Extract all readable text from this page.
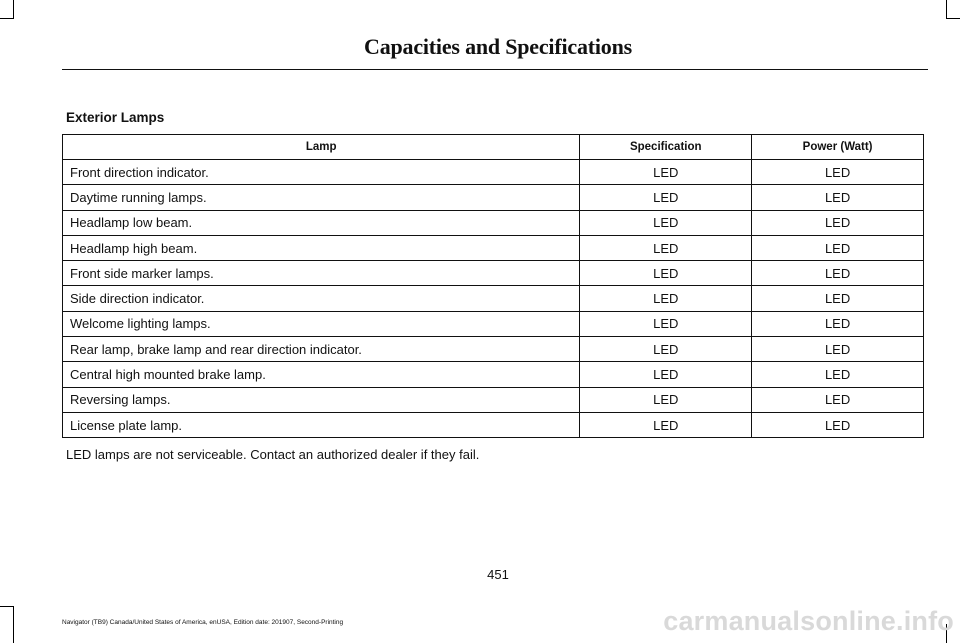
Capacities and Specifications
Exterior Lamps
Lamp	Specification	Power (Watt)
Front direction indicator.	LED	LED
Daytime running lamps.	LED	LED
Headlamp low beam.	LED	LED
Headlamp high beam.	LED	LED
Front side marker lamps.	LED	LED
Side direction indicator.	LED	LED
Welcome lighting lamps.	LED	LED
Rear lamp, brake lamp and rear direction indicator.	LED	LED
Central high mounted brake lamp.	LED	LED
Reversing lamps.	LED	LED
License plate lamp.	LED	LED
LED lamps are not serviceable. Contact an authorized dealer if they fail.
451
Navigator (TB9) Canada/United States of America, enUSA, Edition date: 201907, Second-Printing	carmanualsonline.info
